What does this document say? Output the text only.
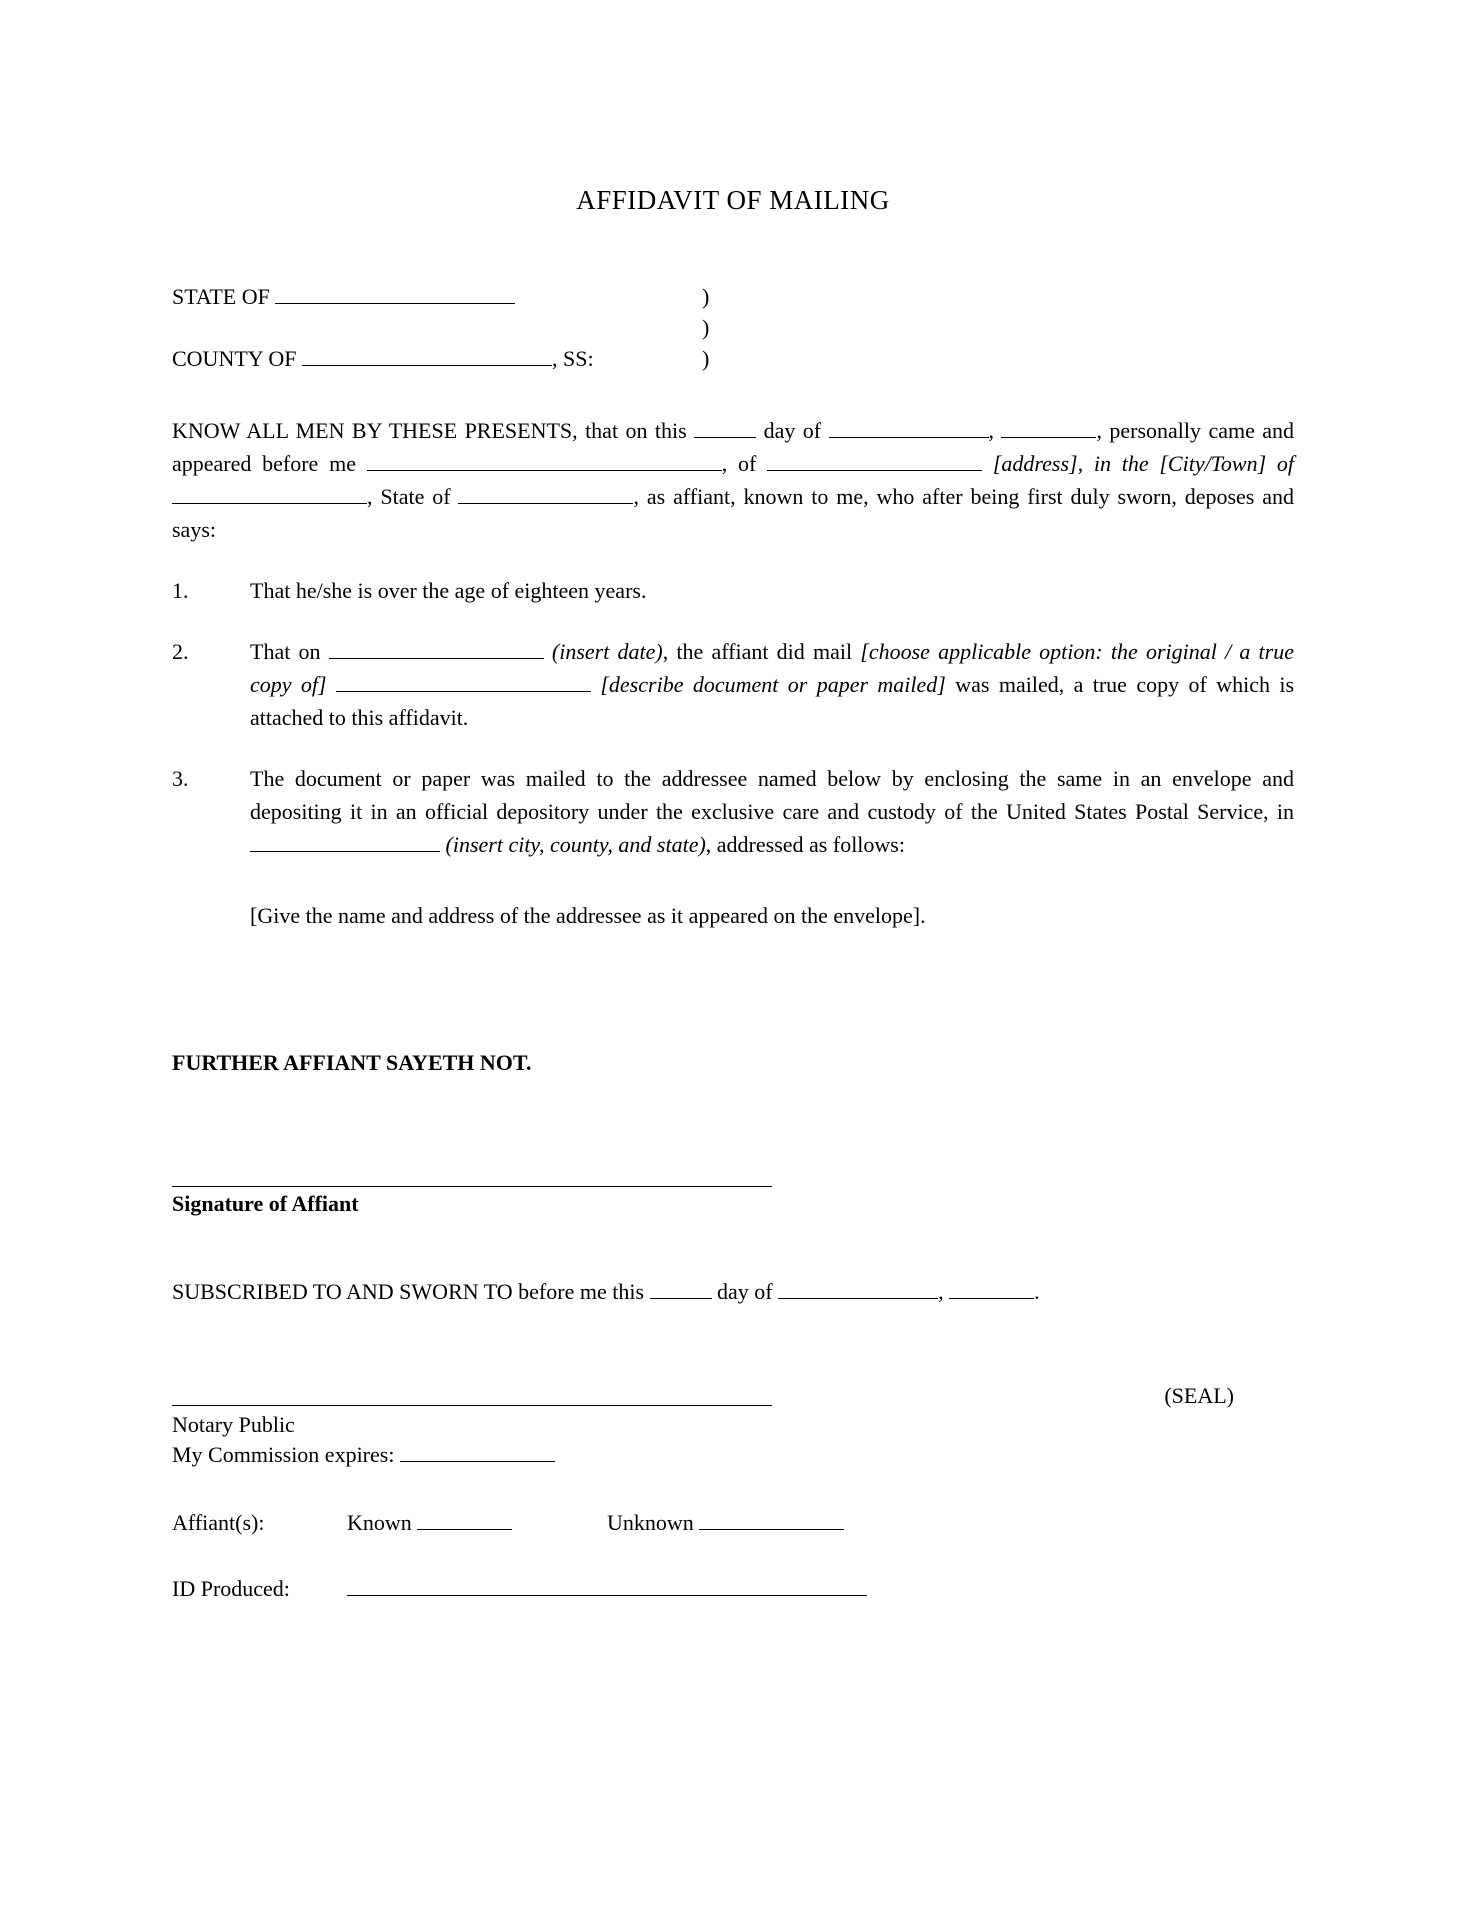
AFFIDAVIT OF MAILING
STATE OF	)

)
COUNTY OF	, SS:	)

KNOW ALL MEN BY THESE PRESENTS, that on this	day of	,	, personally came and appeared before me	, of	[address], in the [City/Town] of , State of	, as affiant, known to me, who after being first duly sworn, deposes and says:

1.	That he/she is over the age of eighteen years.
2.	That on	(insert date), the affiant did mail [choose applicable option: the original / a true copy of]	[describe document or paper mailed] was mailed, a true copy of which is attached to this affidavit.
3.	The document or paper was mailed to the addressee named below by enclosing the same in an envelope and depositing it in an official depository under the exclusive care and custody of the United States Postal Service, in  (insert city, county, and state), addressed as follows:
[Give the name and address of the addressee as it appeared on the envelope].
FURTHER AFFIANT SAYETH NOT.
Signature of Affiant
SUBSCRIBED TO AND SWORN TO before me this	day of	,	.
(SEAL)
Notary Public
My Commission expires:
Affiant(s):	Known	Unknown
ID Produced:
